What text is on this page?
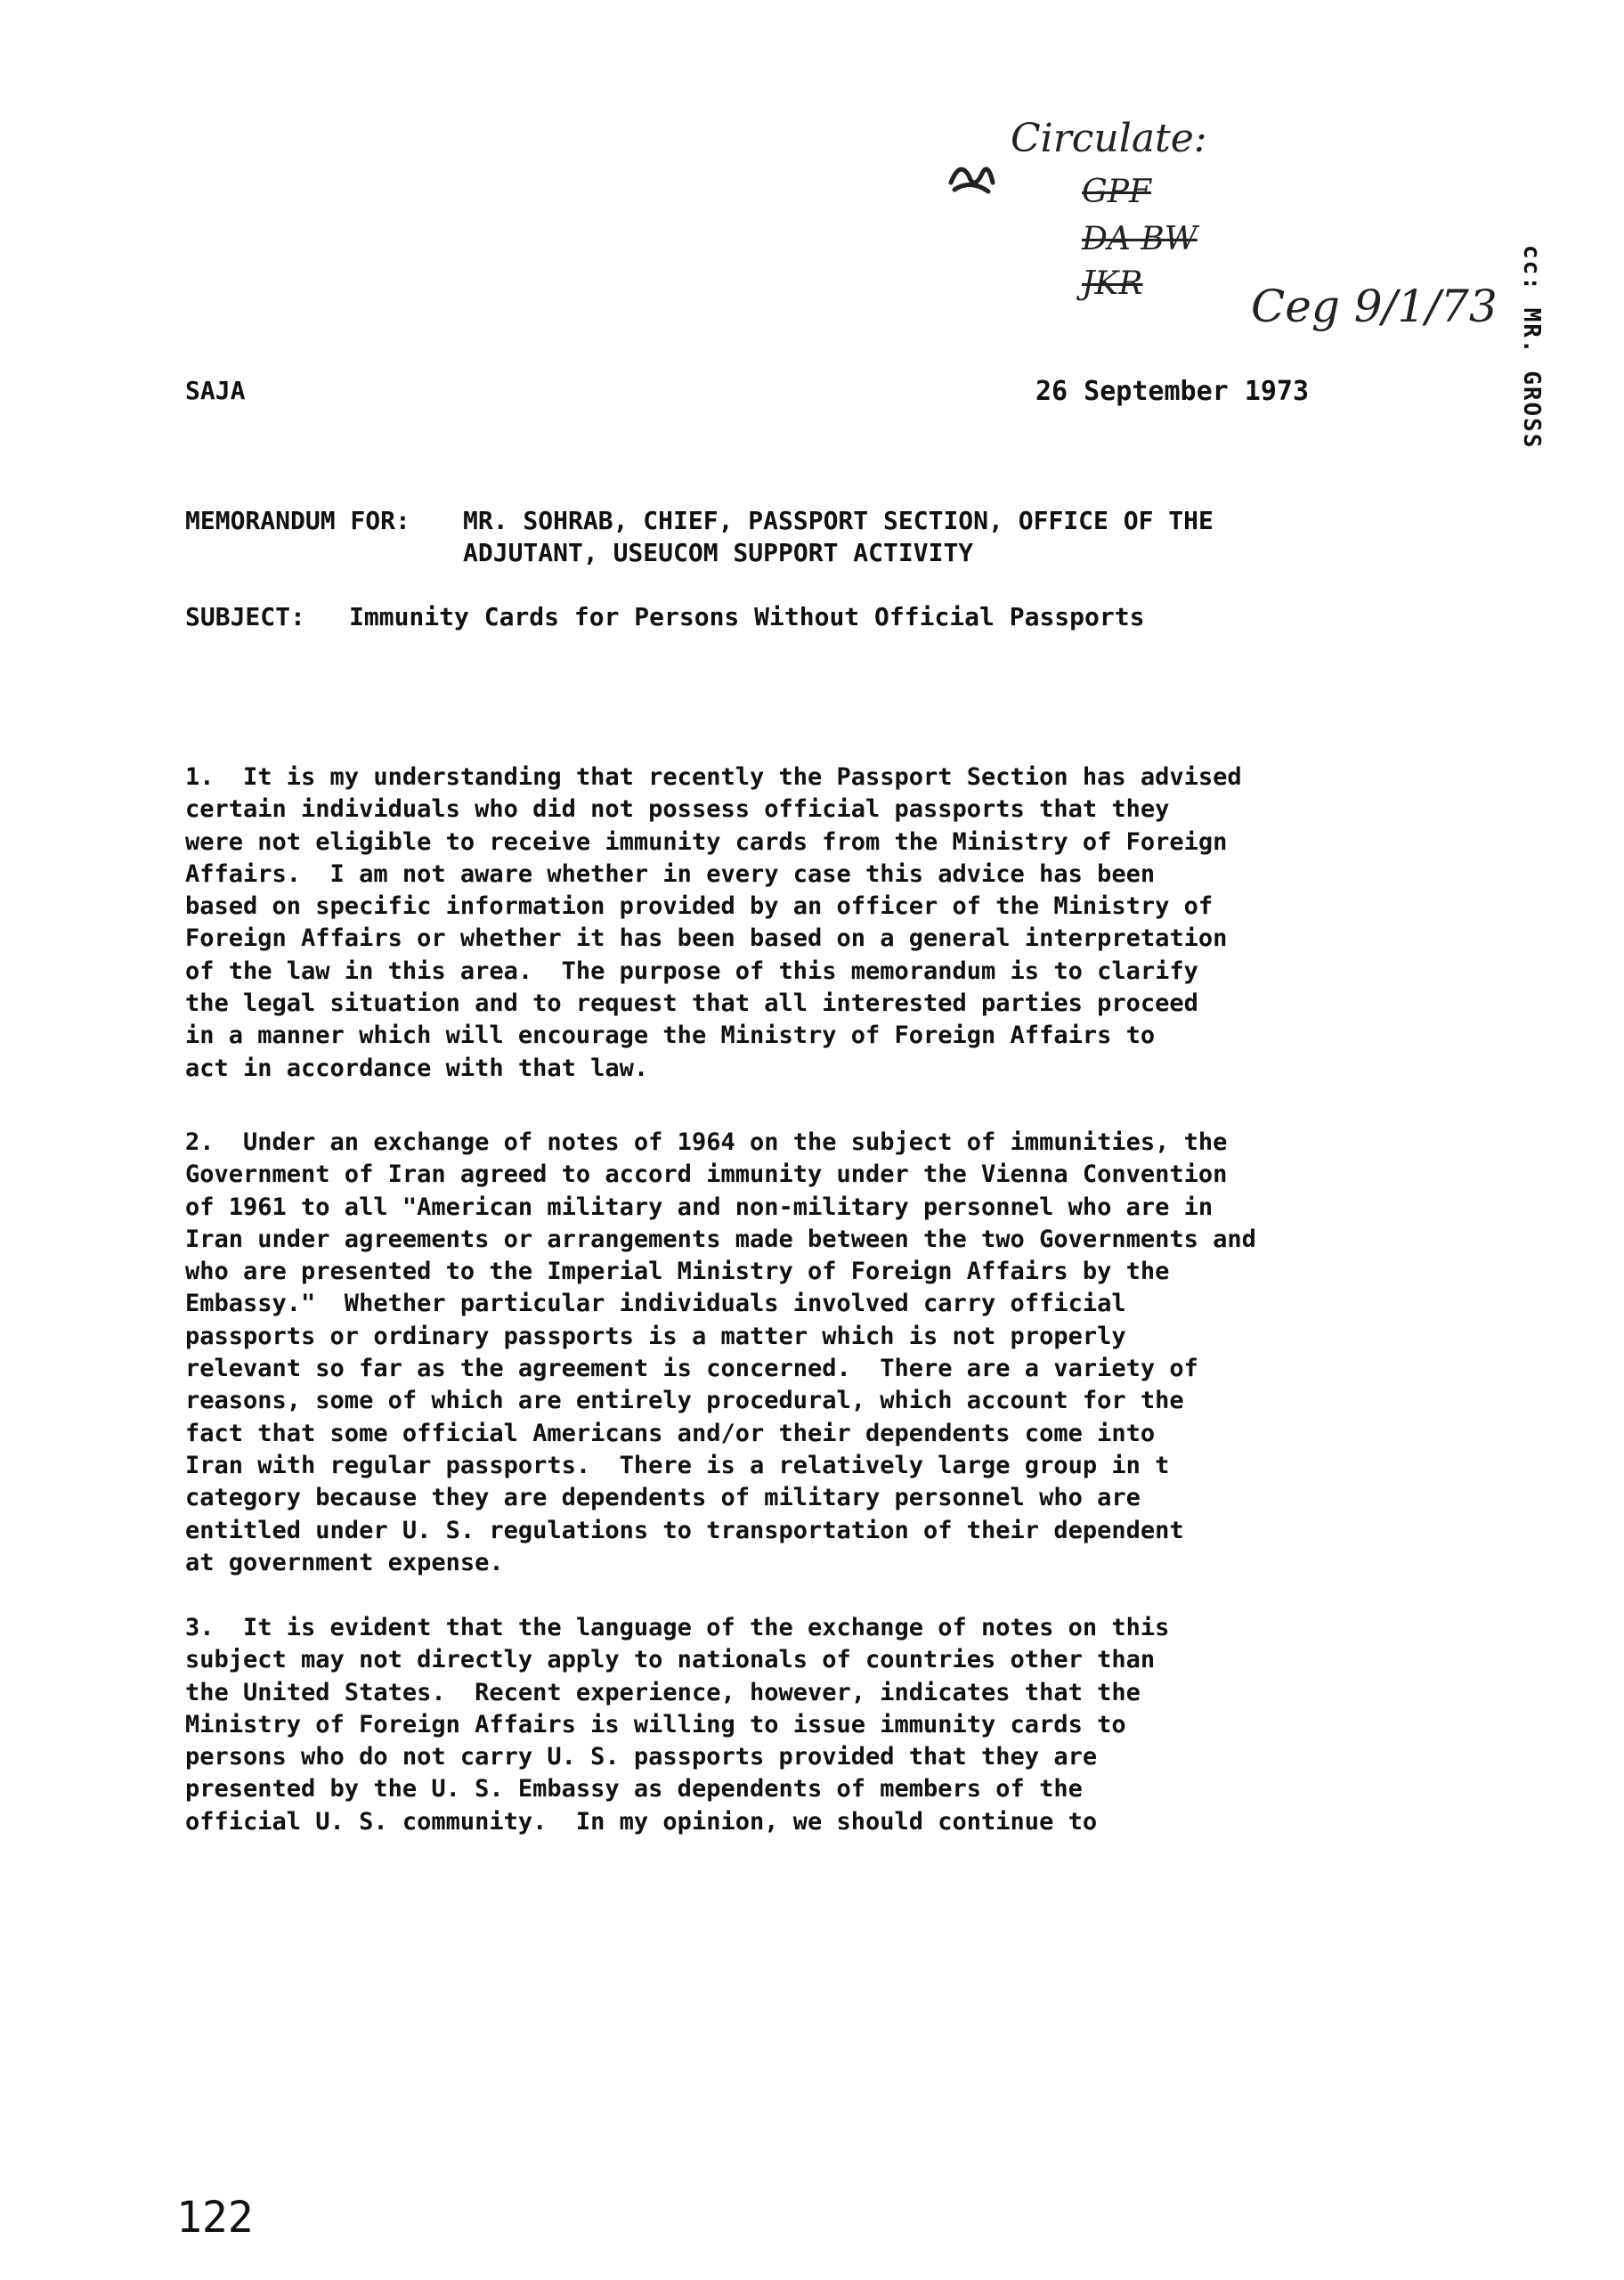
Circulate:
GPF
DA BW
JKR Ceg 9/1/73 cc: MR. GROSS
SAJA	26 September 1973
MEMORANDUM FOR: MR. SOHRAB, CHIEF, PASSPORT SECTION, OFFICE OF THE
ADJUTANT, USEUCOM SUPPORT ACTIVITY
SUBJECT: Immunity Cards for Persons Without Official Passports
1.  It is my understanding that recently the Passport Section has advised
certain individuals who did not possess official passports that they
were not eligible to receive immunity cards from the Ministry of Foreign
Affairs.  I am not aware whether in every case this advice has been
based on specific information provided by an officer of the Ministry of
Foreign Affairs or whether it has been based on a general interpretation
of the law in this area.  The purpose of this memorandum is to clarify
the legal situation and to request that all interested parties proceed
in a manner which will encourage the Ministry of Foreign Affairs to
act in accordance with that law.
2.  Under an exchange of notes of 1964 on the subject of immunities, the
Government of Iran agreed to accord immunity under the Vienna Convention
of 1961 to all "American military and non-military personnel who are in
Iran under agreements or arrangements made between the two Governments and
who are presented to the Imperial Ministry of Foreign Affairs by the
Embassy."  Whether particular individuals involved carry official
passports or ordinary passports is a matter which is not properly
relevant so far as the agreement is concerned.  There are a variety of
reasons, some of which are entirely procedural, which account for the
fact that some official Americans and/or their dependents come into
Iran with regular passports.  There is a relatively large group in t
category because they are dependents of military personnel who are
entitled under U. S. regulations to transportation of their dependent
at government expense.
3.  It is evident that the language of the exchange of notes on this
subject may not directly apply to nationals of countries other than
the United States.  Recent experience, however, indicates that the
Ministry of Foreign Affairs is willing to issue immunity cards to
persons who do not carry U. S. passports provided that they are
presented by the U. S. Embassy as dependents of members of the
official U. S. community.  In my opinion, we should continue to
122
